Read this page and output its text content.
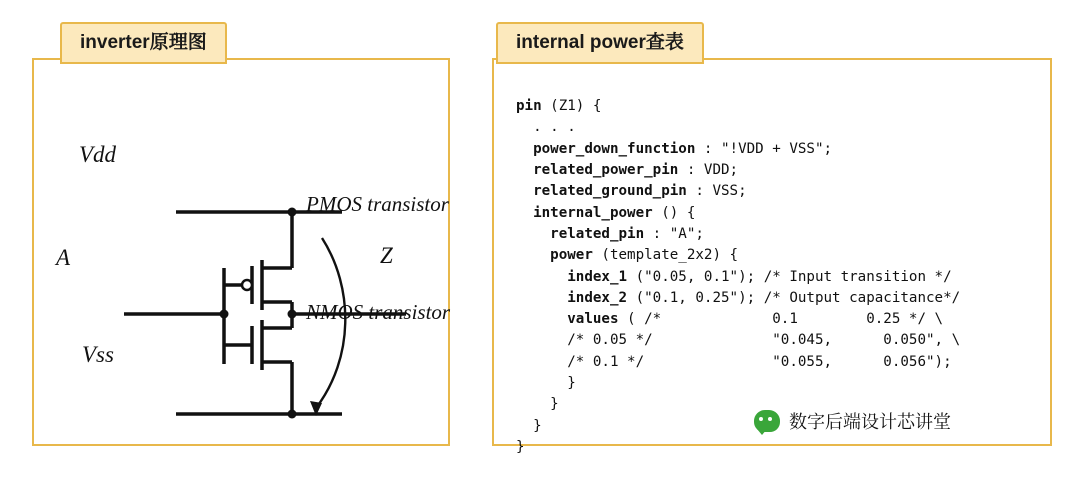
Vdd
Vss
A	Z
PMOS transistor
NMOS transistor
inverter原理图	internal power查表
pin (Z1) {
. . .
power_down_function : "!VDD + VSS";
related_power_pin : VDD;
related_ground_pin : VSS;
internal_power () {
related_pin : "A";
power (template_2x2) {
index_1 ("0.05, 0.1"); /* Input transition */
index_2 ("0.1, 0.25"); /* Output capacitance*/
values ( /*             0.1        0.25 */ \
/* 0.05 */              "0.045,      0.050", \
/* 0.1 */               "0.055,      0.056");
}
}
}
}
数字后端设计芯讲堂
